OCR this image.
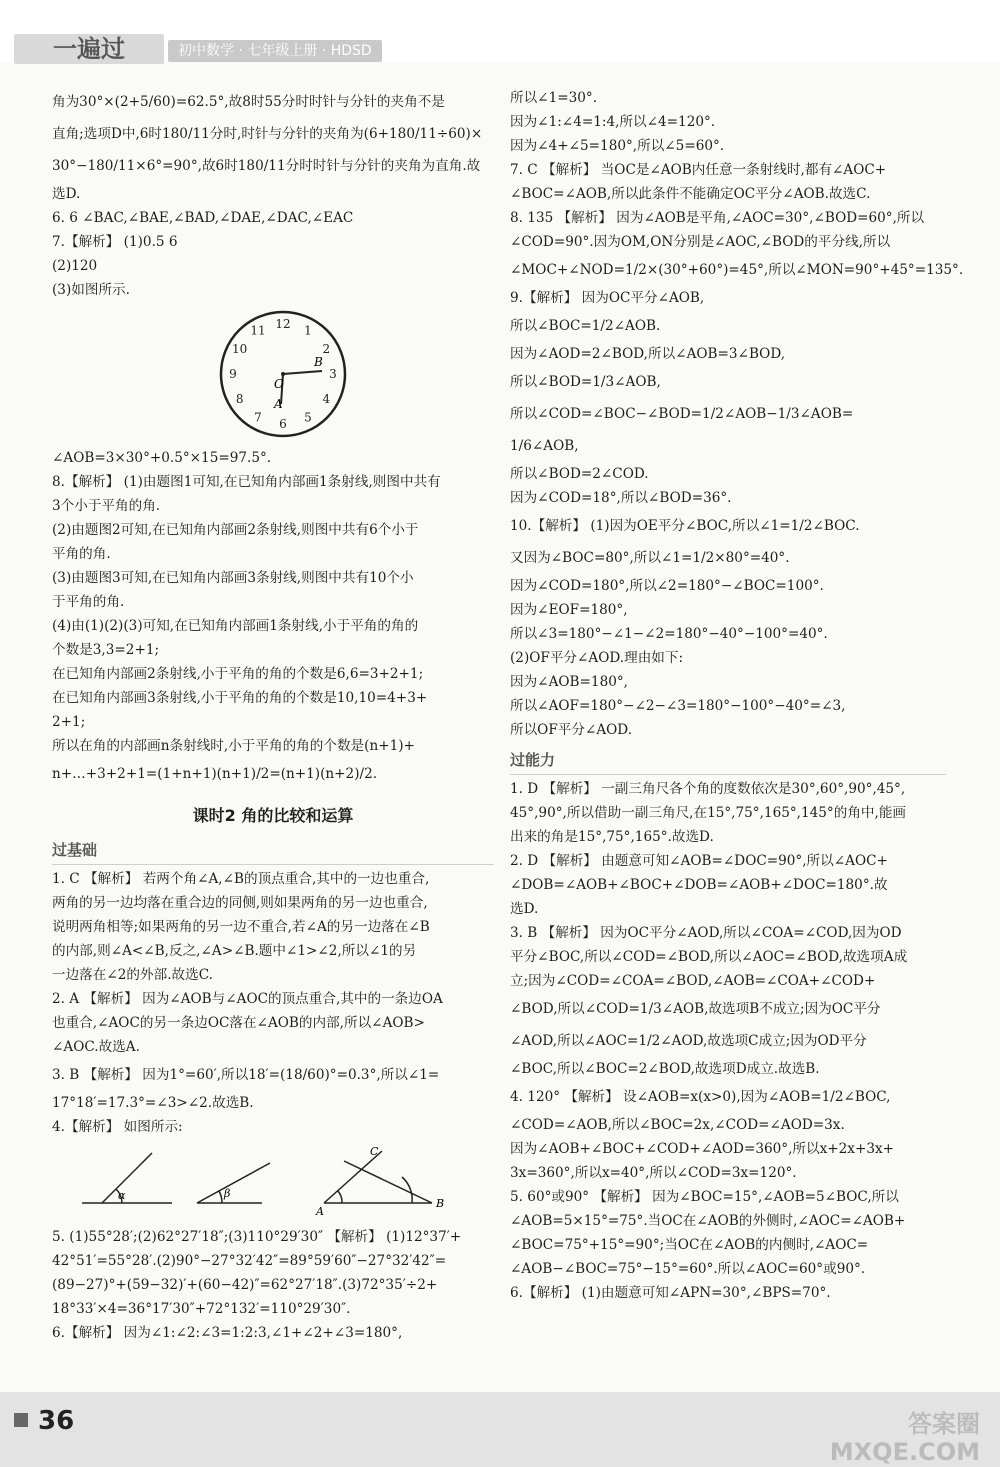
一遍过	初中数学 · 七年级上册 · HDSD
角为30°×(2+5/60)=62.5°,故8时55分时时针与分针的夹角不是
直角;选项D中,6时180/11分时,时针与分针的夹角为(6+180/11÷60)×
30°−180/11×6°=90°,故6时180/11分时时针与分针的夹角为直角.故
选D.
6. 6 ∠BAC,∠BAE,∠BAD,∠DAE,∠DAC,∠EAC
7.【解析】 (1)0.5 6
(2)120
(3)如图所示.
12 1
2
3
4
5
6
7
8
9
10
11
O
A
B
∠AOB=3×30°+0.5°×15=97.5°.
8.【解析】 (1)由题图1可知,在已知角内部画1条射线,则图中共有
3个小于平角的角.
(2)由题图2可知,在已知角内部画2条射线,则图中共有6个小于
平角的角.
(3)由题图3可知,在已知角内部画3条射线,则图中共有10个小
于平角的角.
(4)由(1)(2)(3)可知,在已知角内部画1条射线,小于平角的角的
个数是3,3=2+1;
在已知角内部画2条射线,小于平角的角的个数是6,6=3+2+1;
在已知角内部画3条射线,小于平角的角的个数是10,10=4+3+
2+1;
所以在角的内部画n条射线时,小于平角的角的个数是(n+1)+
n+…+3+2+1=(1+n+1)(n+1)/2=(n+1)(n+2)/2.
课时2 角的比较和运算
过基础
1. C 【解析】 若两个角∠A,∠B的顶点重合,其中的一边也重合,
两角的另一边均落在重合边的同侧,则如果两角的另一边也重合,
说明两角相等;如果两角的另一边不重合,若∠A的另一边落在∠B
的内部,则∠A<∠B,反之,∠A>∠B.题中∠1>∠2,所以∠1的另
一边落在∠2的外部.故选C.
2. A 【解析】 因为∠AOB与∠AOC的顶点重合,其中的一条边OA
也重合,∠AOC的另一条边OC落在∠AOB的内部,所以∠AOB>
∠AOC.故选A.
3. B 【解析】 因为1°=60′,所以18′=(18/60)°=0.3°,所以∠1=
17°18′=17.3°=∠3>∠2.故选B.
4.【解析】 如图所示:
α	β
C
A
B
5. (1)55°28′;(2)62°27′18″;(3)110°29′30″ 【解析】 (1)12°37′+
42°51′=55°28′.(2)90°−27°32′42″=89°59′60″−27°32′42″=
(89−27)°+(59−32)′+(60−42)″=62°27′18″.(3)72°35′÷2+
18°33′×4=36°17′30″+72°132′=110°29′30″.
6.【解析】 因为∠1:∠2:∠3=1:2:3,∠1+∠2+∠3=180°,
所以∠1=30°.
因为∠1:∠4=1:4,所以∠4=120°.
因为∠4+∠5=180°,所以∠5=60°.
7. C 【解析】 当OC是∠AOB内任意一条射线时,都有∠AOC+
∠BOC=∠AOB,所以此条件不能确定OC平分∠AOB.故选C.
8. 135 【解析】 因为∠AOB是平角,∠AOC=30°,∠BOD=60°,所以
∠COD=90°.因为OM,ON分别是∠AOC,∠BOD的平分线,所以
∠MOC+∠NOD=1/2×(30°+60°)=45°,所以∠MON=90°+45°=135°.
9.【解析】 因为OC平分∠AOB,
所以∠BOC=1/2∠AOB.
因为∠AOD=2∠BOD,所以∠AOB=3∠BOD,
所以∠BOD=1/3∠AOB,
所以∠COD=∠BOC−∠BOD=1/2∠AOB−1/3∠AOB=
1/6∠AOB,
所以∠BOD=2∠COD.
因为∠COD=18°,所以∠BOD=36°.
10.【解析】 (1)因为OE平分∠BOC,所以∠1=1/2∠BOC.
又因为∠BOC=80°,所以∠1=1/2×80°=40°.
因为∠COD=180°,所以∠2=180°−∠BOC=100°.
因为∠EOF=180°,
所以∠3=180°−∠1−∠2=180°−40°−100°=40°.
(2)OF平分∠AOD.理由如下:
因为∠AOB=180°,
所以∠AOF=180°−∠2−∠3=180°−100°−40°=∠3,
所以OF平分∠AOD.
过能力
1. D 【解析】 一副三角尺各个角的度数依次是30°,60°,90°,45°,
45°,90°,所以借助一副三角尺,在15°,75°,165°,145°的角中,能画
出来的角是15°,75°,165°.故选D.
2. D 【解析】 由题意可知∠AOB=∠DOC=90°,所以∠AOC+
∠DOB=∠AOB+∠BOC+∠DOB=∠AOB+∠DOC=180°.故
选D.
3. B 【解析】 因为OC平分∠AOD,所以∠COA=∠COD,因为OD
平分∠BOC,所以∠COD=∠BOD,所以∠AOC=∠BOD,故选项A成
立;因为∠COD=∠COA=∠BOD,∠AOB=∠COA+∠COD+
∠BOD,所以∠COD=1/3∠AOB,故选项B不成立;因为OC平分
∠AOD,所以∠AOC=1/2∠AOD,故选项C成立;因为OD平分
∠BOC,所以∠BOC=2∠BOD,故选项D成立.故选B.
4. 120° 【解析】 设∠AOB=x(x>0),因为∠AOB=1/2∠BOC,
∠COD=∠AOB,所以∠BOC=2x,∠COD=∠AOD=3x.
因为∠AOB+∠BOC+∠COD+∠AOD=360°,所以x+2x+3x+
3x=360°,所以x=40°,所以∠COD=3x=120°.
5. 60°或90° 【解析】 因为∠BOC=15°,∠AOB=5∠BOC,所以
∠AOB=5×15°=75°.当OC在∠AOB的外侧时,∠AOC=∠AOB+
∠BOC=75°+15°=90°;当OC在∠AOB的内侧时,∠AOC=
∠AOB−∠BOC=75°−15°=60°.所以∠AOC=60°或90°.
6.【解析】 (1)由题意可知∠APN=30°,∠BPS=70°.
36	答案圈
MXQE.COM
